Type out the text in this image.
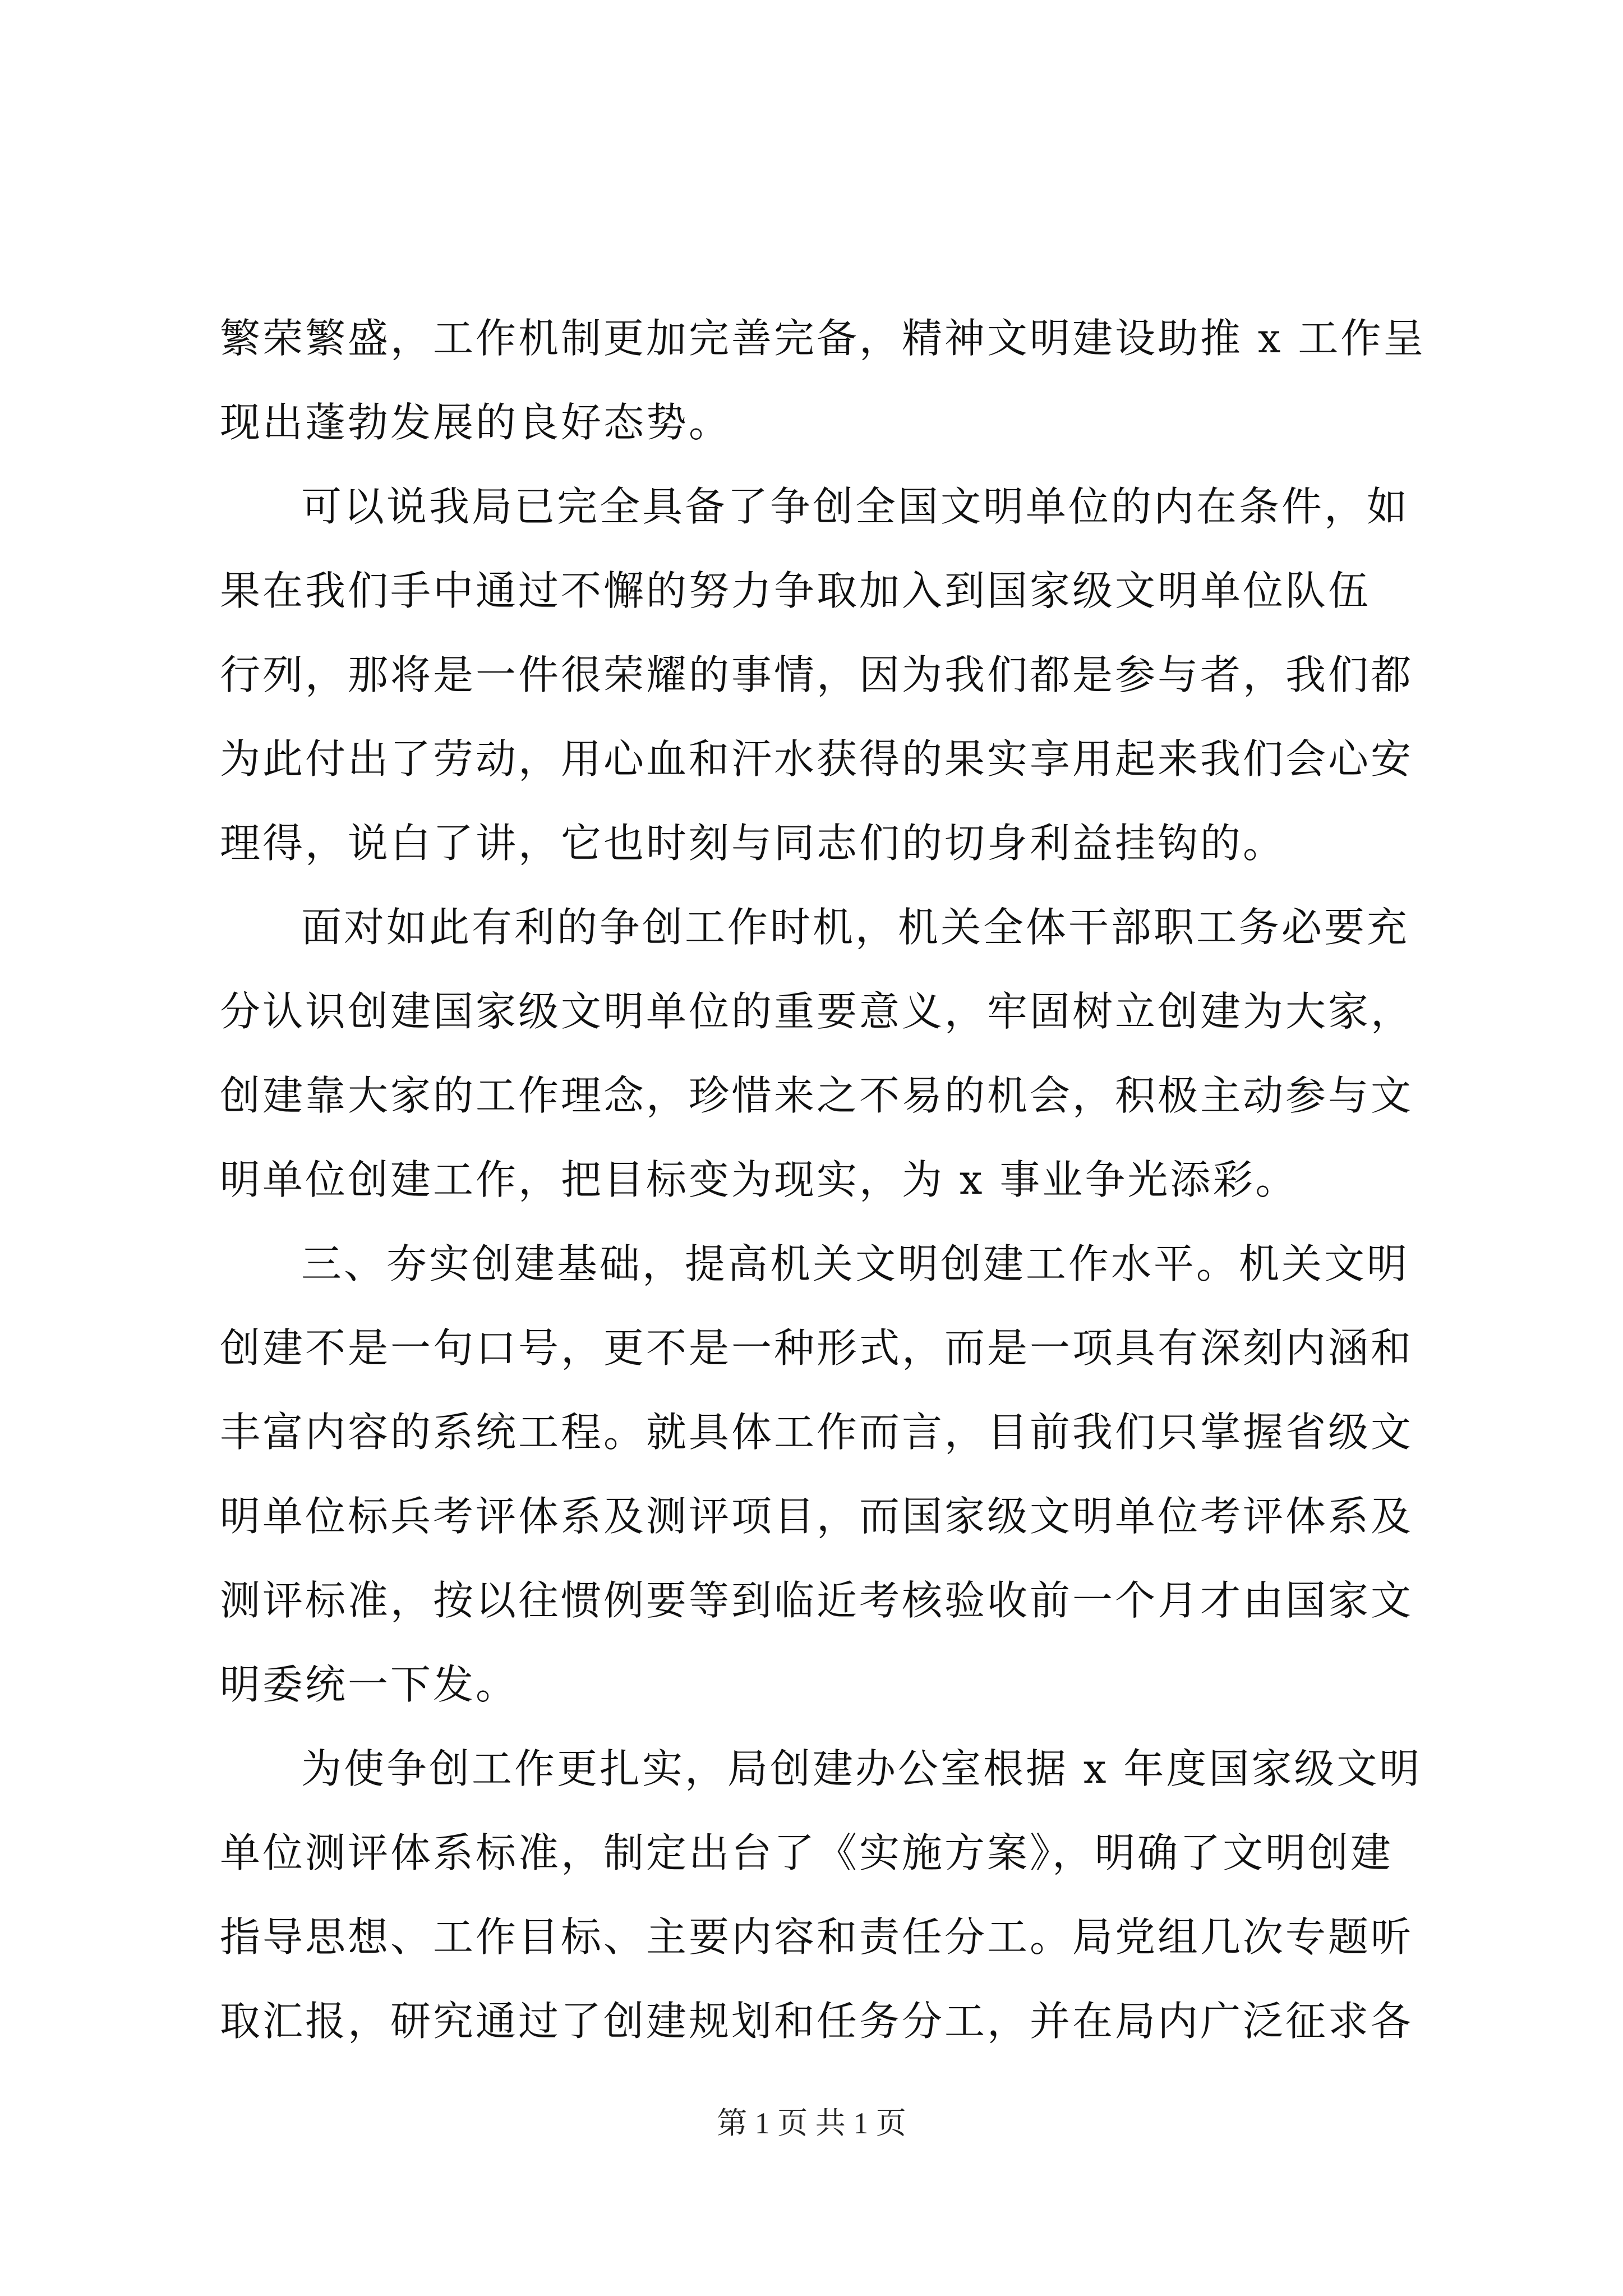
繁荣繁盛，工作机制更加完善完备，精神文明建设助推 x 工作呈
现出蓬勃发展的良好态势。
可以说我局已完全具备了争创全国文明单位的内在条件，如
果在我们手中通过不懈的努力争取加入到国家级文明单位队伍
行列，那将是一件很荣耀的事情，因为我们都是参与者，我们都
为此付出了劳动，用心血和汗水获得的果实享用起来我们会心安
理得，说白了讲，它也时刻与同志们的切身利益挂钩的。
面对如此有利的争创工作时机，机关全体干部职工务必要充
分认识创建国家级文明单位的重要意义，牢固树立创建为大家，
创建靠大家的工作理念，珍惜来之不易的机会，积极主动参与文
明单位创建工作，把目标变为现实，为 x 事业争光添彩。
三、夯实创建基础，提高机关文明创建工作水平。机关文明
创建不是一句口号，更不是一种形式，而是一项具有深刻内涵和
丰富内容的系统工程。就具体工作而言，目前我们只掌握省级文
明单位标兵考评体系及测评项目，而国家级文明单位考评体系及
测评标准，按以往惯例要等到临近考核验收前一个月才由国家文
明委统一下发。
为使争创工作更扎实，局创建办公室根据 x 年度国家级文明
单位测评体系标准，制定出台了《实施方案》，明确了文明创建
指导思想、工作目标、主要内容和责任分工。局党组几次专题听
取汇报，研究通过了创建规划和任务分工，并在局内广泛征求各
第 1 页 共 1 页
